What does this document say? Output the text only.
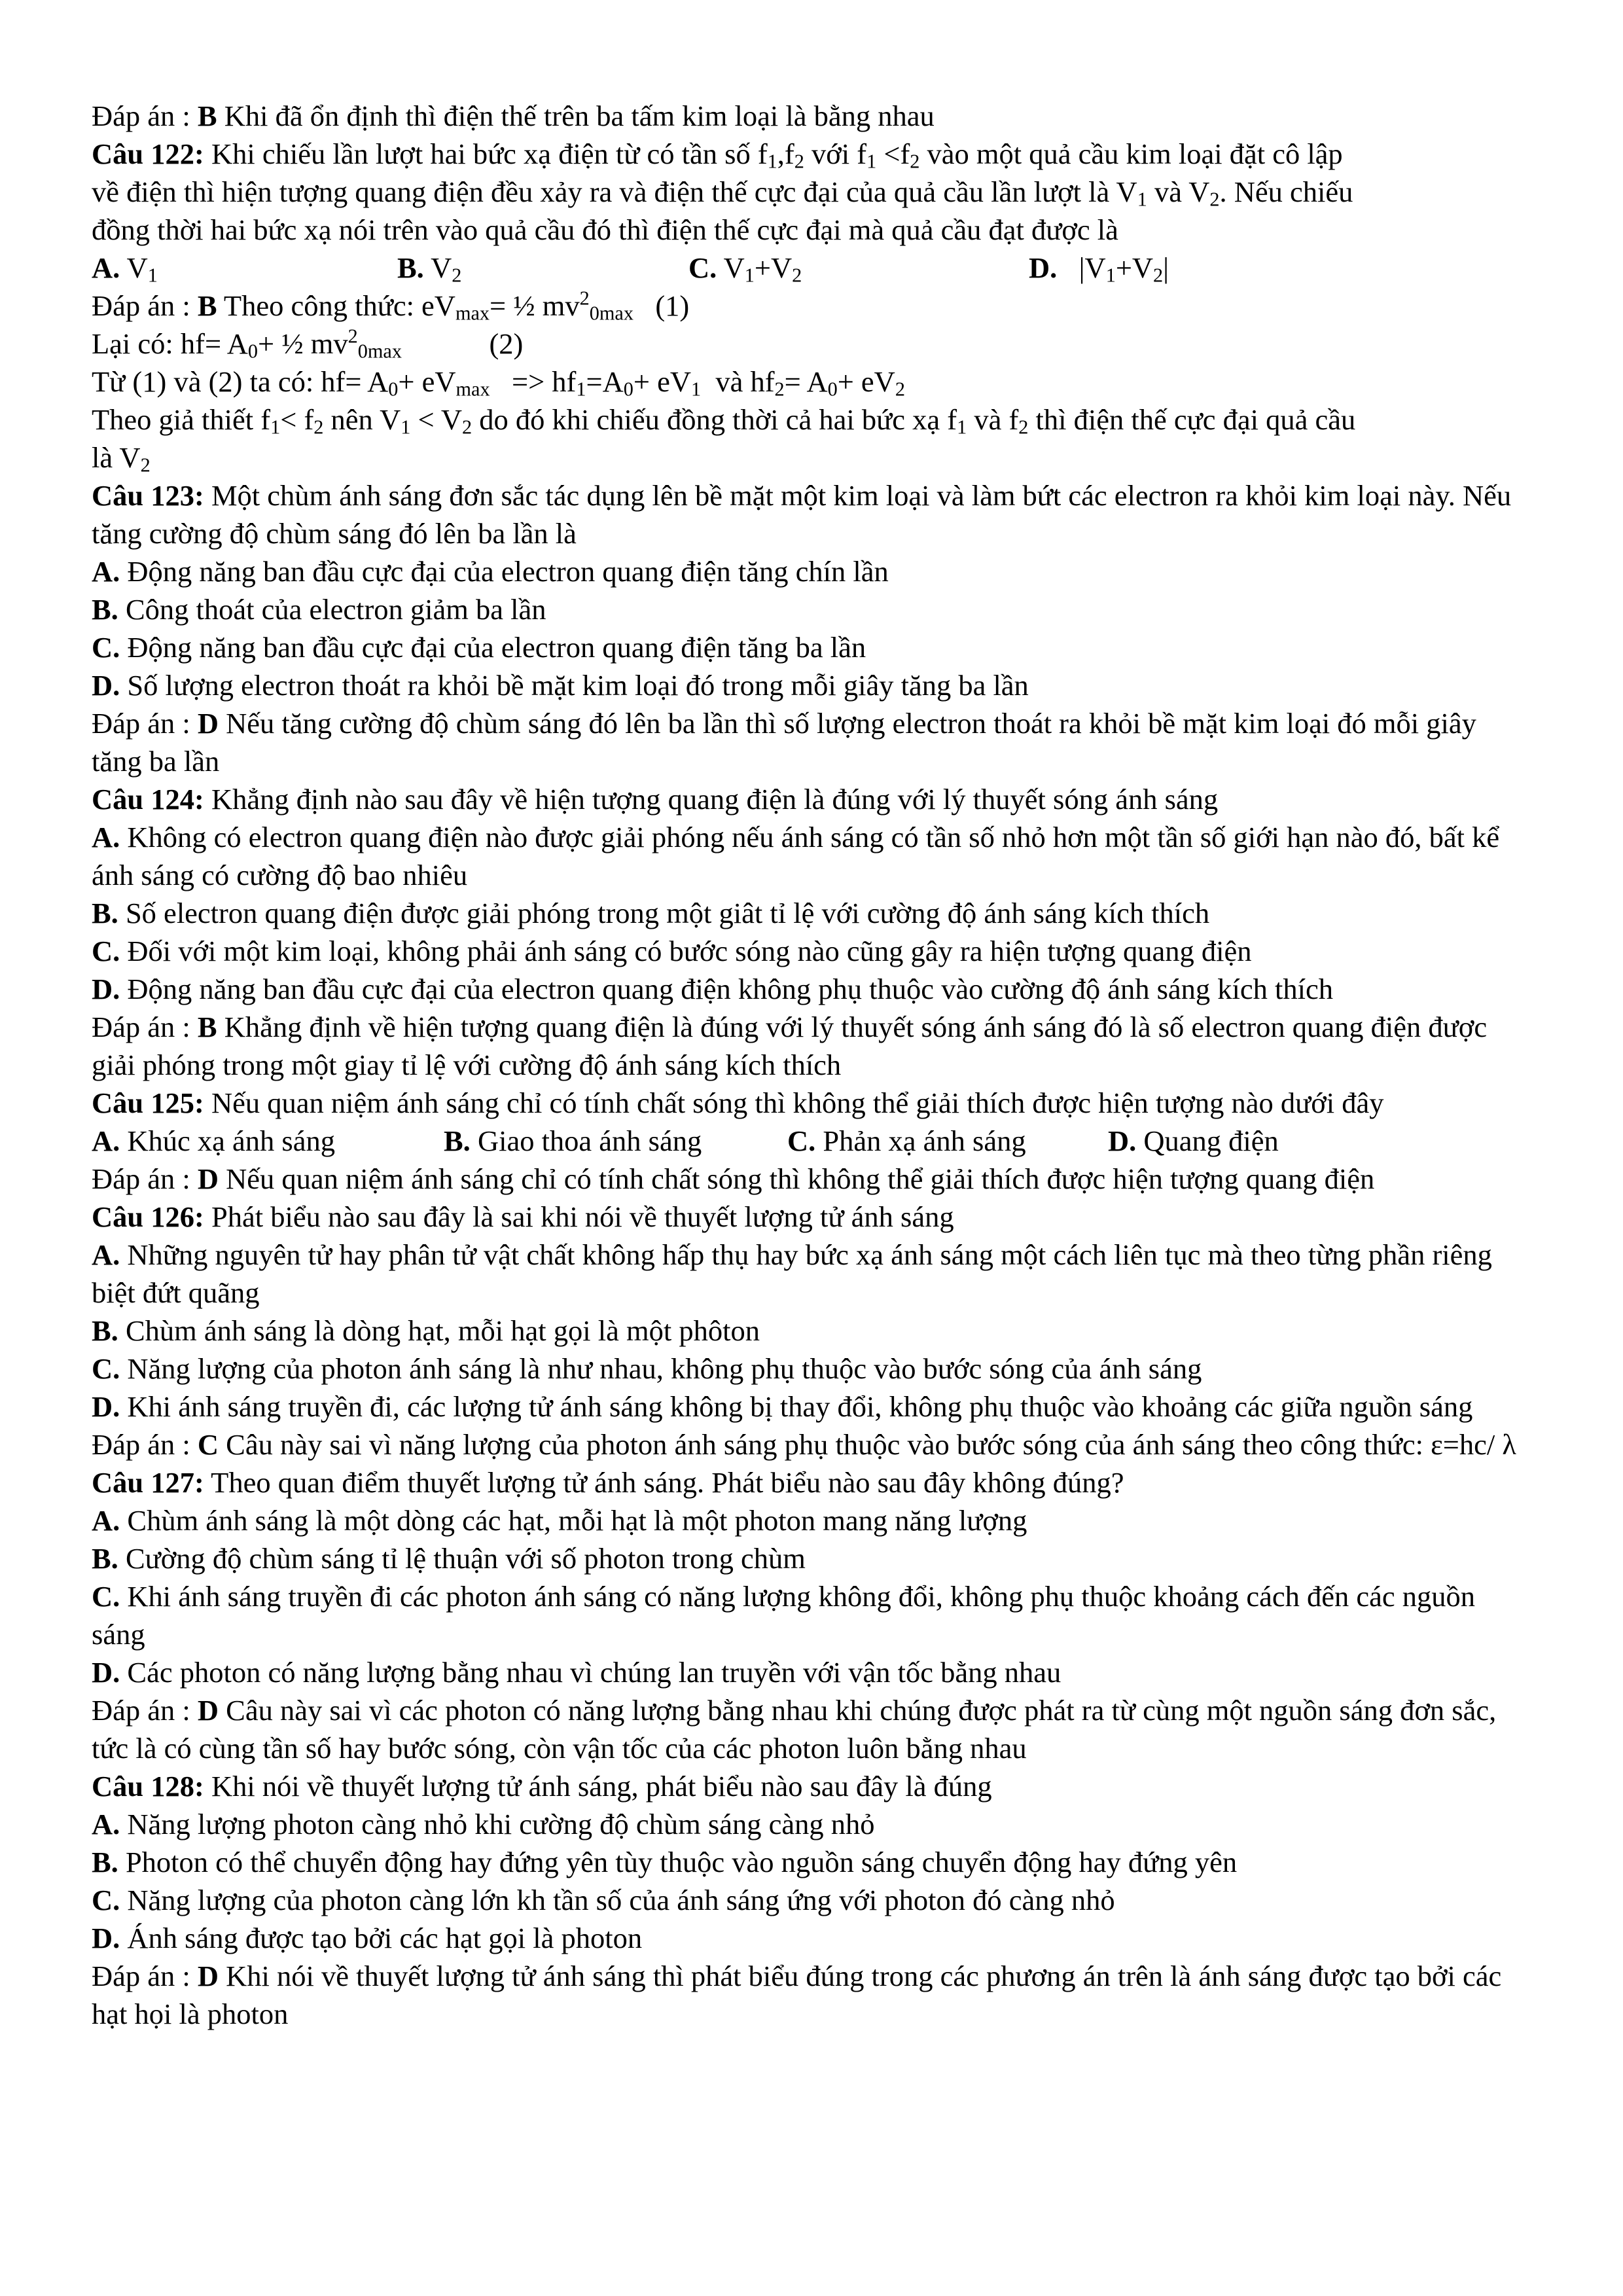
Đáp án : B Khi đã ổn định thì điện thế trên ba tấm kim loại là bằng nhau
Câu 122: Khi chiếu lần lượt hai bức xạ điện từ có tần số $f_1,f_2$ với $f_1 <f_2$ vào một quả cầu kim loại đặt cô lập
về điện thì hiện tượng quang điện đều xảy ra và điện thế cực đại của quả cầu lần lượt là $V_1$ và $V_2$. Nếu chiếu
đồng thời hai bức xạ nói trên vào quả cầu đó thì điện thế cực đại mà quả cầu đạt được là
A. $V_1$	B. $V_2$	C. $V_1+V_2$	D.   $|V_1+V_2|$
Đáp án : B Theo công thức: $eV_{max}=$ ½ $mv^2_{0max}$   (1)
Lại có: $hf= A_0+$ ½ $mv^2_{0max}$            (2)
Từ (1) và (2) ta có: $hf= A_0+ eV_{max} => hf_1=A_0+ eV_1$  và $hf_2= A_0+ eV_2$
Theo giả thiết $f_1< f_2$ nên $V_1 < V_2$ do đó khi chiếu đồng thời cả hai bức xạ $f_1$ và $f_2$ thì điện thế cực đại quả cầu
là $V_2$
Câu 123: Một chùm ánh sáng đơn sắc tác dụng lên bề mặt một kim loại và làm bứt các electron ra khỏi kim loại này. Nếu tăng cường độ chùm sáng đó lên ba lần là
A. Động năng ban đầu cực đại của electron quang điện tăng chín lần
B. Công thoát của electron giảm ba lần
C. Động năng ban đầu cực đại của electron quang điện tăng ba lần
D. Số lượng electron thoát ra khỏi bề mặt kim loại đó trong mỗi giây tăng ba lần
Đáp án : D Nếu tăng cường độ chùm sáng đó lên ba lần thì số lượng electron thoát ra khỏi bề mặt kim loại đó mỗi giây tăng ba lần
Câu 124: Khẳng định nào sau đây về hiện tượng quang điện là đúng với lý thuyết sóng ánh sáng
A. Không có electron quang điện nào được giải phóng nếu ánh sáng có tần số nhỏ hơn một tần số giới hạn nào đó, bất kể ánh sáng có cường độ bao nhiêu
B. Số electron quang điện được giải phóng trong một giât tỉ lệ với cường độ ánh sáng kích thích
C. Đối với một kim loại, không phải ánh sáng có bước sóng nào cũng gây ra hiện tượng quang điện
D. Động năng ban đầu cực đại của electron quang điện không phụ thuộc vào cường độ ánh sáng kích thích
Đáp án : B Khẳng định về hiện tượng quang điện là đúng với lý thuyết sóng ánh sáng đó là số electron quang điện được giải phóng trong một giay tỉ lệ với cường độ ánh sáng kích thích
Câu 125: Nếu quan niệm ánh sáng chỉ có tính chất sóng thì không thể giải thích được hiện tượng nào dưới đây
A. Khúc xạ ánh sáng	B. Giao thoa ánh sáng	C. Phản xạ ánh sáng	D. Quang điện
Đáp án : D Nếu quan niệm ánh sáng chỉ có tính chất sóng thì không thể giải thích được hiện tượng quang điện
Câu 126: Phát biểu nào sau đây là sai khi nói về thuyết lượng tử ánh sáng
A. Những nguyên tử hay phân tử vật chất không hấp thụ hay bức xạ ánh sáng một cách liên tục mà theo từng phần riêng biệt đứt quãng
B. Chùm ánh sáng là dòng hạt, mỗi hạt gọi là một phôton
C. Năng lượng của photon ánh sáng là như nhau, không phụ thuộc vào bước sóng của ánh sáng
D. Khi ánh sáng truyền đi, các lượng tử ánh sáng không bị thay đổi, không phụ thuộc vào khoảng các giữa nguồn sáng
Đáp án : C Câu này sai vì năng lượng của photon ánh sáng phụ thuộc vào bước sóng của ánh sáng theo công thức: ε=hc/ λ
Câu 127: Theo quan điểm thuyết lượng tử ánh sáng. Phát biểu nào sau đây không đúng?
A. Chùm ánh sáng là một dòng các hạt, mỗi hạt là một photon mang năng lượng
B. Cường độ chùm sáng tỉ lệ thuận với số photon trong chùm
C. Khi ánh sáng truyền đi các photon ánh sáng có năng lượng không đổi, không phụ thuộc khoảng cách đến các nguồn sáng
D. Các photon có năng lượng bằng nhau vì chúng lan truyền với vận tốc bằng nhau
Đáp án : D Câu này sai vì các photon có năng lượng bằng nhau khi chúng được phát ra từ cùng một nguồn sáng đơn sắc, tức là có cùng tần số hay bước sóng, còn vận tốc của các photon luôn bằng nhau
Câu 128: Khi nói về thuyết lượng tử ánh sáng, phát biểu nào sau đây là đúng
A. Năng lượng photon càng nhỏ khi cường độ chùm sáng càng nhỏ
B. Photon có thể chuyển động hay đứng yên tùy thuộc vào nguồn sáng chuyển động hay đứng yên
C. Năng lượng của photon càng lớn kh tần số của ánh sáng ứng với photon đó càng nhỏ
D. Ánh sáng được tạo bởi các hạt gọi là photon
Đáp án : D Khi nói về thuyết lượng tử ánh sáng thì phát biểu đúng trong các phương án trên là ánh sáng được tạo bởi các hạt họi là photon
